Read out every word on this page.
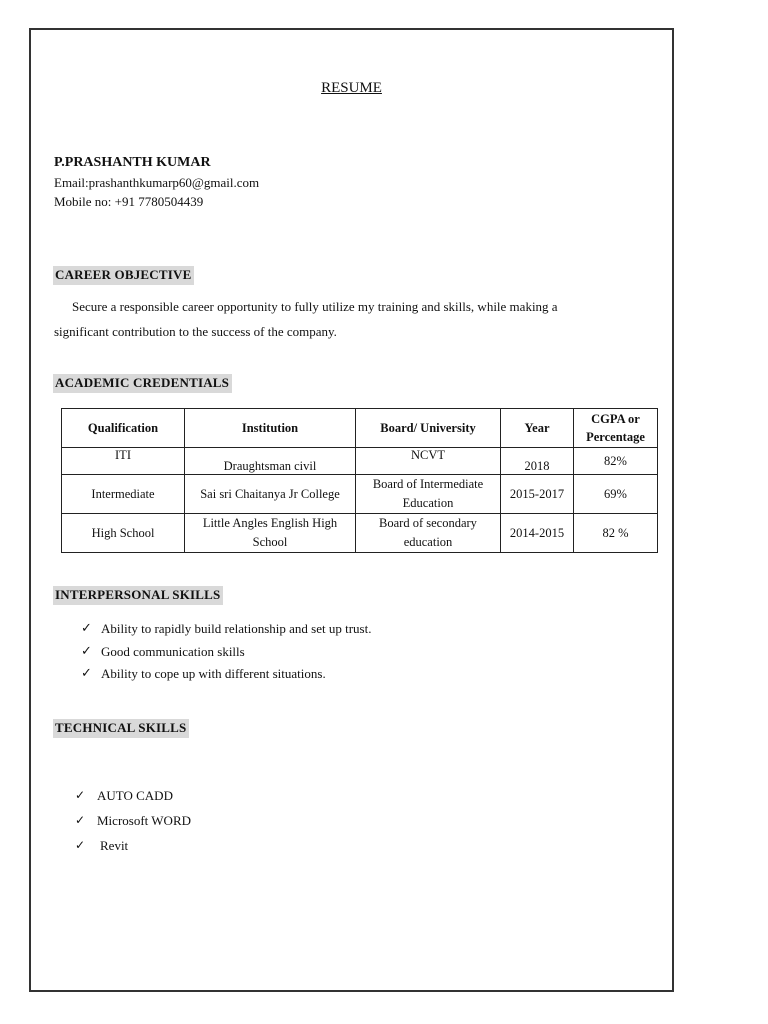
RESUME
P.PRASHANTH KUMAR
Email:prashanthkumarp60@gmail.com
Mobile no: +91 7780504439
CAREER OBJECTIVE
Secure a responsible career opportunity to fully utilize my training and skills, while making a
significant contribution to the success of the company.
ACADEMIC CREDENTIALS
Qualification	Institution	Board/ University	Year	CGPA or Percentage
ITI	Draughtsman civil	NCVT	2018	82%
Intermediate	Sai sri Chaitanya Jr College	Board of Intermediate Education	2015-2017	69%
High School	Little Angles English High School	Board of secondary education	2014-2015	82 %
INTERPERSONAL SKILLS
✓ Ability to rapidly build relationship and set up trust.
✓ Good communication skills
✓ Ability to cope up with different situations.
TECHNICAL SKILLS
✓ AUTO CADD
✓ Microsoft WORD
✓	Revit
